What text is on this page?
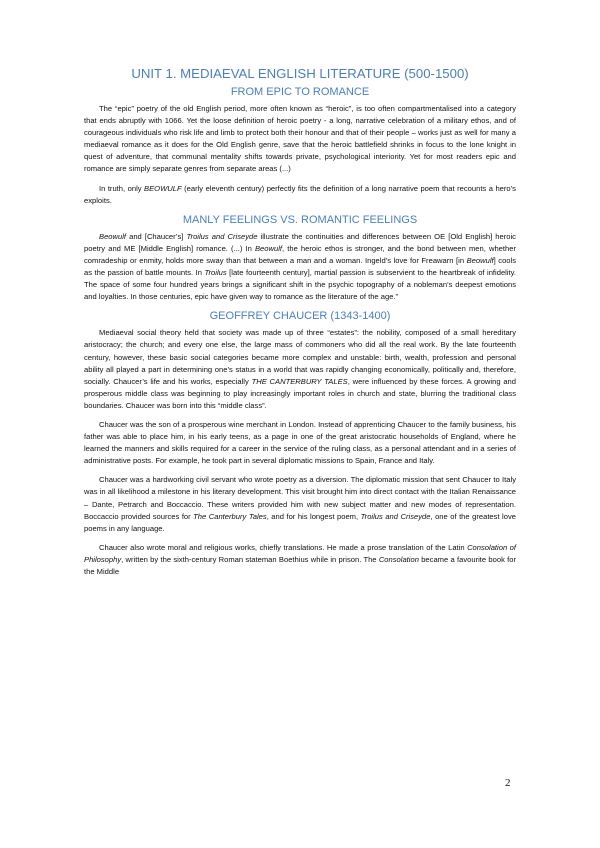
UNIT 1. MEDIAEVAL ENGLISH LITERATURE (500-1500)
FROM EPIC TO ROMANCE

The “epic” poetry of the old English period, more often known as “heroic”, is too often compartmentalised into a category that ends abruptly with 1066. Yet the loose definition of heroic poetry - a long, narrative celebration of a military ethos, and of courageous individuals who risk life and limb to protect both their honour and that of their people – works just as well for many a mediaeval romance as it does for the Old English genre, save that the heroic battlefield shrinks in focus to the lone knight in quest of adventure, that communal mentality shifts towards private, psychological interiority. Yet for most readers epic and romance are simply separate genres from separate areas (...)

In truth, only BEOWULF (early eleventh century) perfectly fits the definition of a long narrative poem that recounts a hero’s exploits.

MANLY FEELINGS VS. ROMANTIC FEELINGS

Beowulf and [Chaucer’s] Troilus and Criseyde illustrate the continuities and differences between OE [Old English] heroic poetry and ME [Middle English] romance. (...) In Beowulf, the heroic ethos is stronger, and the bond between men, whether comradeship or enmity, holds more sway than that between a man and a woman. Ingeld’s love for Freawarn [in Beowulf] cools as the passion of battle mounts. In Troilus [late fourteenth century], martial passion is subservient to the heartbreak of infidelity. The space of some four hundred years brings a significant shift in the psychic topography of a nobleman’s deepest emotions and loyalties. In those centuries, epic have given way to romance as the literature of the age.”

GEOFFREY CHAUCER (1343-1400)

Mediaeval social theory held that society was made up of three “estates”: the nobility, composed of a small hereditary aristocracy; the church; and every one else, the large mass of commoners who did all the real work. By the late fourteenth century, however, these basic social categories became more complex and unstable: birth, wealth, profession and personal ability all played a part in determining one’s status in a world that was rapidly changing economically, politically and, therefore, socially. Chaucer’s life and his works, especially THE CANTERBURY TALES, were influenced by these forces. A growing and prosperous middle class was beginning to play increasingly important roles in church and state, blurring the traditional class boundaries. Chaucer was born into this “middle class”.

Chaucer was the son of a prosperous wine merchant in London. Instead of apprenticing Chaucer to the family business, his father was able to place him, in his early teens, as a page in one of the great aristocratic households of England, where he learned the manners and skills required for a career in the service of the ruling class, as a personal attendant and in a series of administrative posts. For example, he took part in several diplomatic missions to Spain, France and Italy.

Chaucer was a hardworking civil servant who wrote poetry as a diversion. The diplomatic mission that sent Chaucer to Italy was in all likelihood a milestone in his literary development. This visit brought him into direct contact with the Italian Renaissance – Dante, Petrarch and Boccaccio. These writers provided him with new subject matter and new modes of representation. Boccaccio provided sources for The Canterbury Tales, and for his longest poem, Troilus and Criseyde, one of the greatest love poems in any language.

Chaucer also wrote moral and religious works, chiefly translations. He made a prose translation of the Latin Consolation of Philosophy, written by the sixth-century Roman stateman Boethius while in prison. The Consolation became a favourite book for the Middle

2
